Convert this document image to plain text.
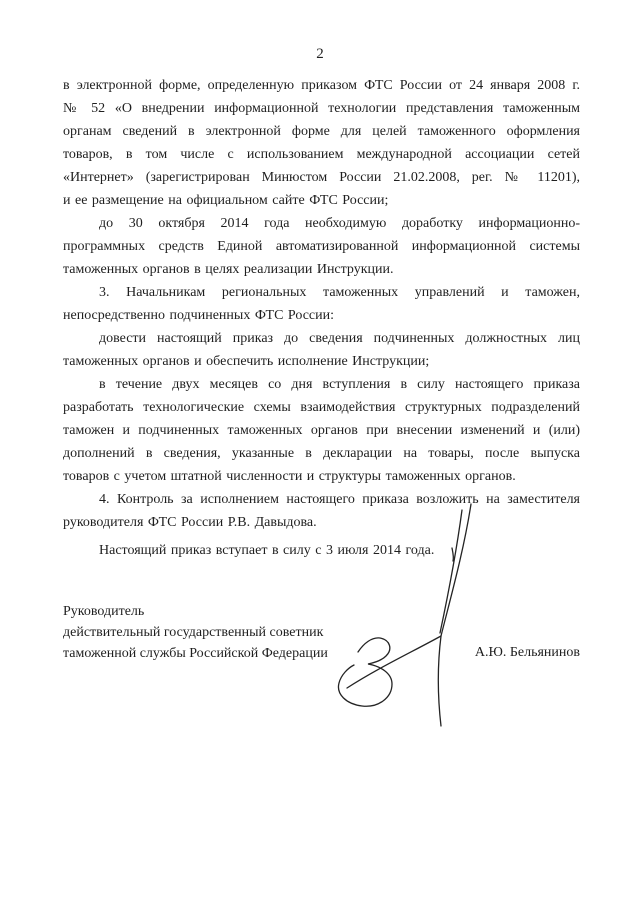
2
в электронной форме, определенную приказом ФТС России от 24 января 2008 г.
№ 52 «О внедрении информационной технологии представления таможенным
органам сведений в электронной форме для целей таможенного оформления
товаров, в том числе с использованием международной ассоциации сетей
«Интернет» (зарегистрирован Минюстом России 21.02.2008, рег. № 11201),
и ее размещение на официальном сайте ФТС России;
до 30 октября 2014 года необходимую доработку информационно-
программных средств Единой автоматизированной информационной системы
таможенных органов в целях реализации Инструкции.
3. Начальникам региональных таможенных управлений и таможен,
непосредственно подчиненных ФТС России:
довести настоящий приказ до сведения подчиненных должностных лиц
таможенных органов и обеспечить исполнение Инструкции;
в течение двух месяцев со дня вступления в силу настоящего приказа
разработать технологические схемы взаимодействия структурных подразделений
таможен и подчиненных таможенных органов при внесении изменений и (или)
дополнений в сведения, указанные в декларации на товары, после выпуска
товаров с учетом штатной численности и структуры таможенных органов.
4. Контроль за исполнением настоящего приказа возложить на заместителя
руководителя ФТС России Р.В. Давыдова.
Настоящий приказ вступает в силу с 3 июля 2014 года.
Руководитель
действительный государственный советник
таможенной службы Российской Федерации	А.Ю. Бельянинов
